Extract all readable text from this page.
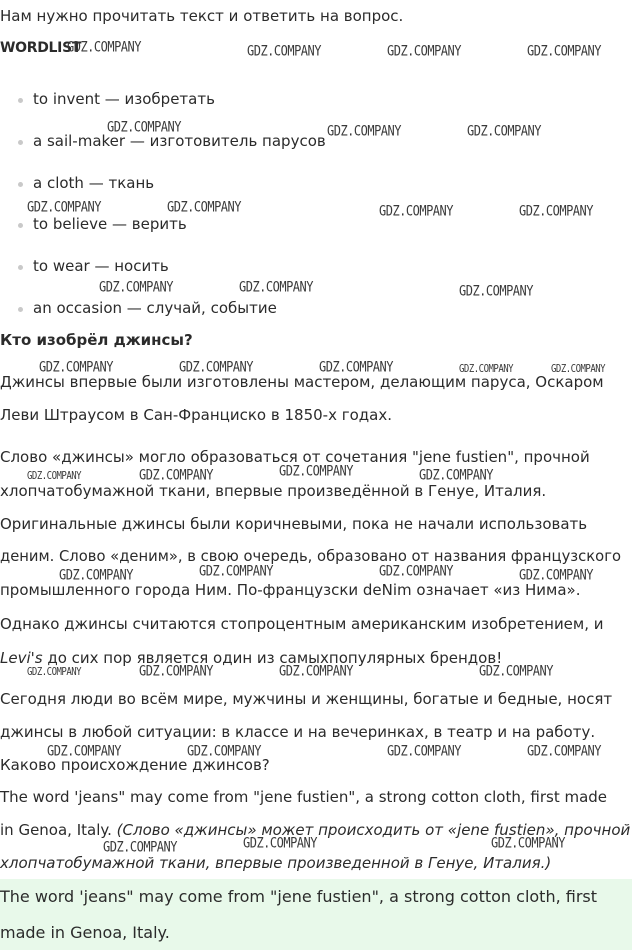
Нам нужно прочитать текст и ответить на вопрос.

WORDLIST

to invent — изобретать
a sail-maker — изготовитель парусов
a cloth — ткань
to believe — верить
to wear — носить
an occasion — случай, событие

Кто изобрёл джинсы?

Джинсы впервые были изготовлены мастером, делающим паруса, Оскаром

Леви Штраусом в Сан-Франциско в 1850-х годах.

Слово «джинсы» могло образоваться от сочетания "jene fustien", прочной

хлопчатобумажной ткани, впервые произведённой в Генуе, Италия.

Оригинальные джинсы были коричневыми, пока не начали использовать

деним. Слово «деним», в свою очередь, образовано от названия французского

промышленного города Ним. По-французски deNim означает «из Нима».

Однако джинсы считаются стопроцентным американским изобретением, и

Levi's до сих пор является один из самыхпопулярных брендов!

Сегодня люди во всём мире, мужчины и женщины, богатые и бедные, носят

джинсы в любой ситуации: в классе и на вечеринках, в театр и на работу.

Каково происхождение джинсов?

The word 'jeans" may come from "jene fustien", a strong cotton cloth, first made

in Genoa, Italy. (Слово «джинсы» может происходить от «jene fustien», прочной

хлопчатобумажной ткани, впервые произведенной в Генуе, Италия.)

The word 'jeans" may come from "jene fustien", a strong cotton cloth, first

made in Genoa, Italy.

GDZ.COMPANY	GDZ.COMPANY	GDZ.COMPANY	GDZ.COMPANY
GDZ.COMPANY	GDZ.COMPANY	GDZ.COMPANY
GDZ.COMPANY	GDZ.COMPANY	GDZ.COMPANY	GDZ.COMPANY
GDZ.COMPANY	GDZ.COMPANY	GDZ.COMPANY
GDZ.COMPANY	GDZ.COMPANY	GDZ.COMPANY	GDZ.COMPANY	GDZ.COMPANY
GDZ.COMPANY	GDZ.COMPANY	GDZ.COMPANY	GDZ.COMPANY
GDZ.COMPANY	GDZ.COMPANY	GDZ.COMPANY	GDZ.COMPANY
GDZ.COMPANY	GDZ.COMPANY	GDZ.COMPANY	GDZ.COMPANY
GDZ.COMPANY	GDZ.COMPANY	GDZ.COMPANY	GDZ.COMPANY
GDZ.COMPANY	GDZ.COMPANY	GDZ.COMPANY
